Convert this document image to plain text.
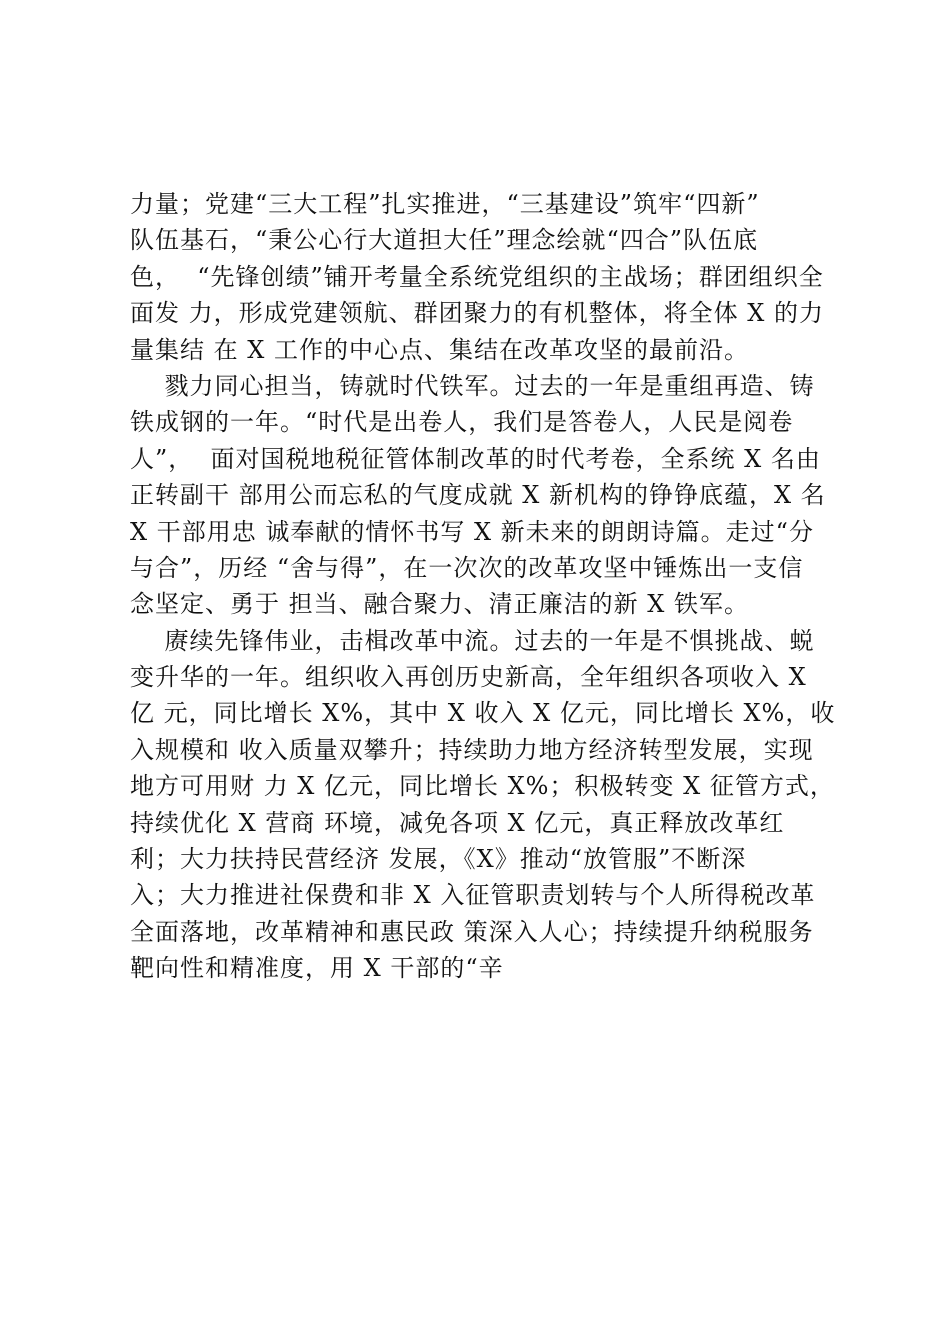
力量；党建“三大工程”扎实推进，“三基建设”筑牢“四新”
队伍基石，“秉公心行大道担大任”理念绘就“四合”队伍底
色，  “先锋创绩”铺开考量全系统党组织的主战场；群团组织全
面发 力，形成党建领航、群团聚力的有机整体，将全体 X 的力
量集结 在 X 工作的中心点、集结在改革攻坚的最前沿。
戮力同心担当，铸就时代铁军。过去的一年是重组再造、铸
铁成钢的一年。“时代是出卷人，我们是答卷人，人民是阅卷
人”，  面对国税地税征管体制改革的时代考卷，全系统 X 名由
正转副干 部用公而忘私的气度成就 X 新机构的铮铮底蕴，X 名
X 干部用忠 诚奉献的情怀书写 X 新未来的朗朗诗篇。走过“分
与合”，历经 “舍与得”，在一次次的改革攻坚中锤炼出一支信
念坚定、勇于 担当、融合聚力、清正廉洁的新 X 铁军。
赓续先锋伟业，击楫改革中流。过去的一年是不惧挑战、蜕
变升华的一年。组织收入再创历史新高，全年组织各项收入 X
亿 元，同比增长 X%，其中 X 收入 X 亿元，同比增长 X%，收
入规模和 收入质量双攀升；持续助力地方经济转型发展，实现
地方可用财 力 X 亿元，同比增长 X%；积极转变 X 征管方式，
持续优化 X 营商 环境，减免各项 X 亿元，真正释放改革红
利；大力扶持民营经济 发展，《X》推动“放管服”不断深
入；大力推进社保费和非 X 入征管职责划转与个人所得税改革
全面落地，改革精神和惠民政 策深入人心；持续提升纳税服务
靶向性和精准度，用 X 干部的“辛
